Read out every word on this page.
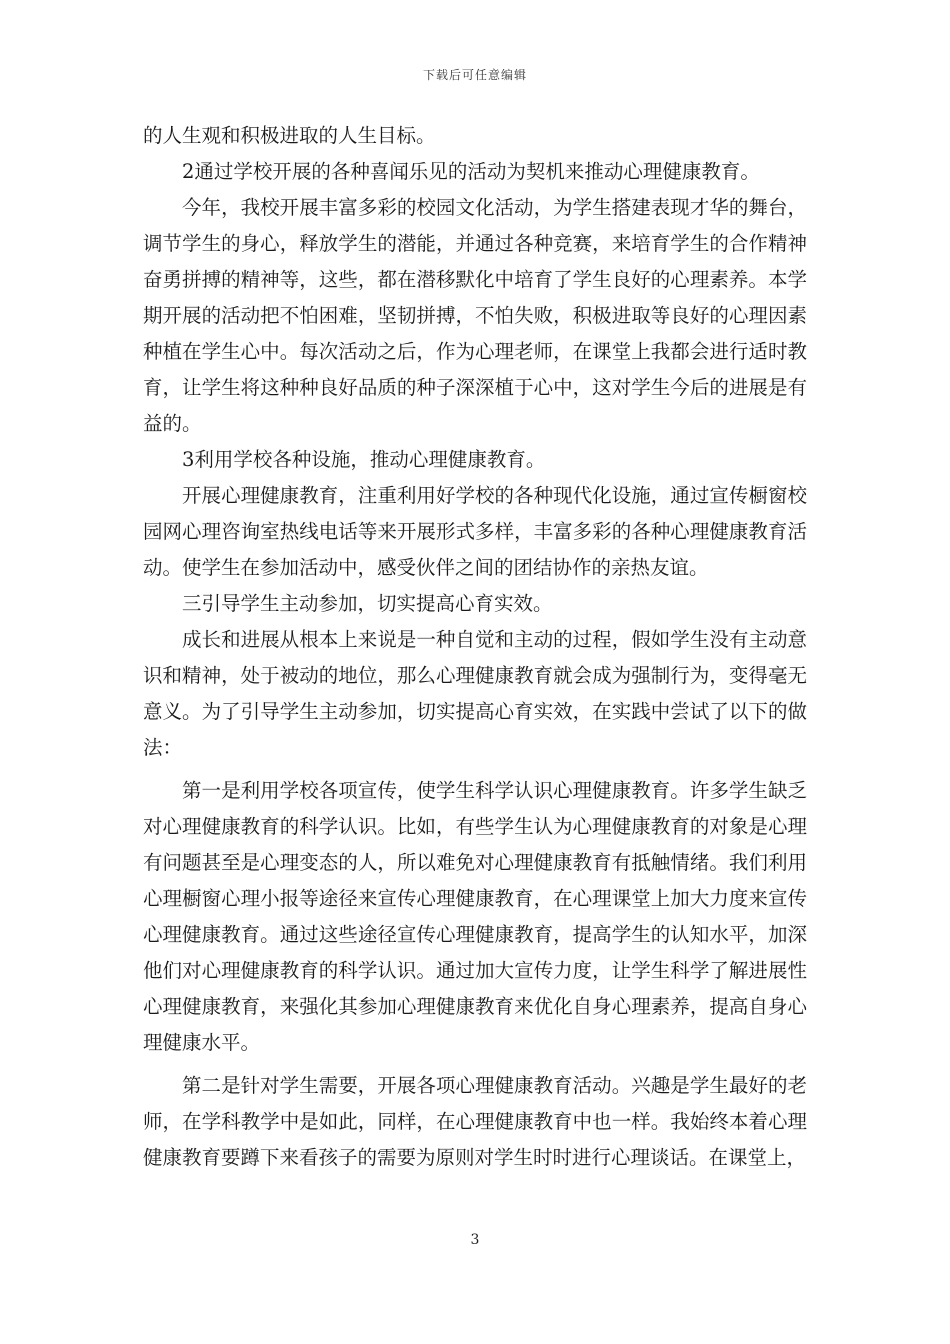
下载后可任意编辑

的人生观和积极进取的人生目标。

2通过学校开展的各种喜闻乐见的活动为契机来推动心理健康教育。

今年，我校开展丰富多彩的校园文化活动，为学生搭建表现才华的舞台，调节学生的身心，释放学生的潜能，并通过各种竞赛，来培育学生的合作精神奋勇拼搏的精神等，这些，都在潜移默化中培育了学生良好的心理素养。本学期开展的活动把不怕困难，坚韧拼搏，不怕失败，积极进取等良好的心理因素种植在学生心中。每次活动之后，作为心理老师，在课堂上我都会进行适时教育，让学生将这种种良好品质的种子深深植于心中，这对学生今后的进展是有益的。

3利用学校各种设施，推动心理健康教育。

开展心理健康教育，注重利用好学校的各种现代化设施，通过宣传橱窗校园网心理咨询室热线电话等来开展形式多样，丰富多彩的各种心理健康教育活动。使学生在参加活动中，感受伙伴之间的团结协作的亲热友谊。

三引导学生主动参加，切实提高心育实效。

成长和进展从根本上来说是一种自觉和主动的过程，假如学生没有主动意识和精神，处于被动的地位，那么心理健康教育就会成为强制行为，变得毫无意义。为了引导学生主动参加，切实提高心育实效，在实践中尝试了以下的做法：

第一是利用学校各项宣传，使学生科学认识心理健康教育。许多学生缺乏对心理健康教育的科学认识。比如，有些学生认为心理健康教育的对象是心理有问题甚至是心理变态的人，所以难免对心理健康教育有抵触情绪。我们利用心理橱窗心理小报等途径来宣传心理健康教育，在心理课堂上加大力度来宣传心理健康教育。通过这些途径宣传心理健康教育，提高学生的认知水平，加深他们对心理健康教育的科学认识。通过加大宣传力度，让学生科学了解进展性心理健康教育，来强化其参加心理健康教育来优化自身心理素养，提高自身心理健康水平。

第二是针对学生需要，开展各项心理健康教育活动。兴趣是学生最好的老师，在学科教学中是如此，同样，在心理健康教育中也一样。我始终本着心理健康教育要蹲下来看孩子的需要为原则对学生时时进行心理谈话。在课堂上，

3
